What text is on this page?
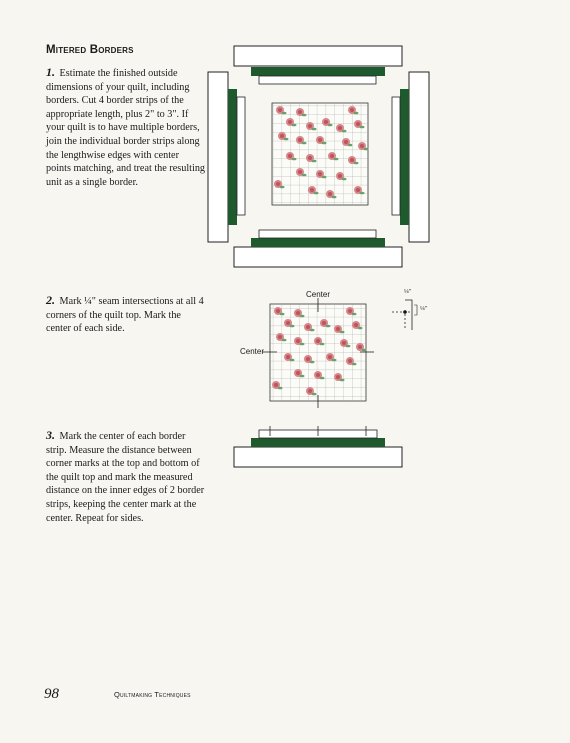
Mitered Borders
1. Estimate the finished outside dimensions of your quilt, including borders. Cut 4 border strips of the appropriate length, plus 2" to 3". If your quilt is to have multiple borders, join the individual border strips along the lengthwise edges with center points matching, and treat the resulting unit as a single border.
2. Mark ¼" seam intersections at all 4 corners of the quilt top. Mark the center of each side.
3. Mark the center of each border strip. Measure the distance between corner marks at the top and bottom of the quilt top and mark the measured distance on the inner edges of 2 border strips, keeping the center mark at the center. Repeat for sides.
Center
Center
¼"
¼"
98	Quiltmaking Techniques
